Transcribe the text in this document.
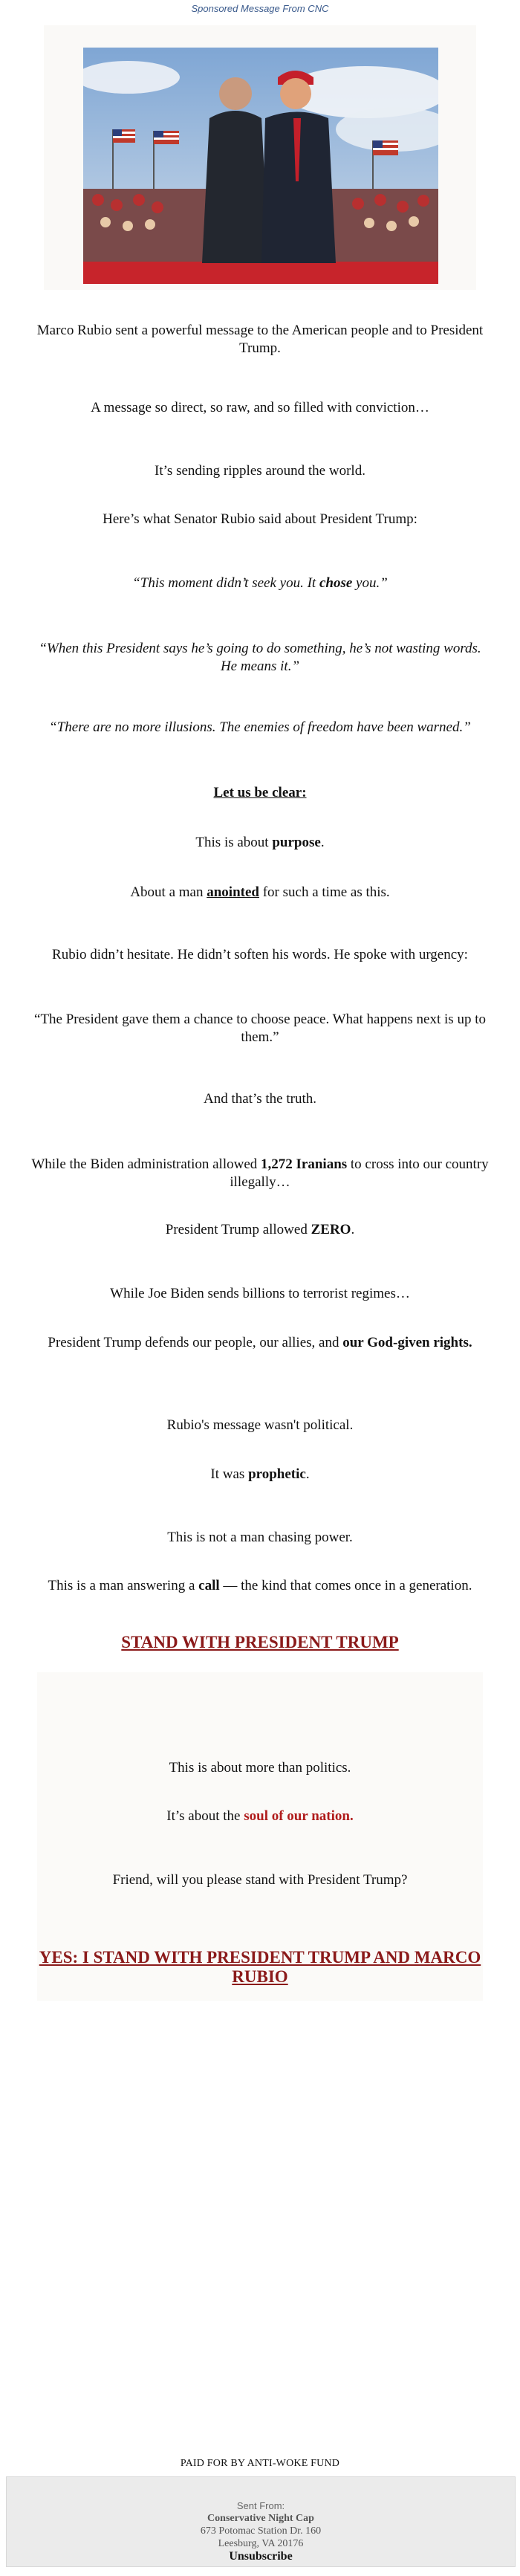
Sponsored Message From CNC

Marco Rubio sent a powerful message to the American people and to President Trump.

A message so direct, so raw, and so filled with conviction…

It’s sending ripples around the world.

Here’s what Senator Rubio said about President Trump:

“This moment didn’t seek you. It chose you.”

“When this President says he’s going to do something, he’s not wasting words. He means it.”

“There are no more illusions. The enemies of freedom have been warned.”

Let us be clear:

This is about purpose.

About a man anointed for such a time as this.

Rubio didn’t hesitate. He didn’t soften his words. He spoke with urgency:

“The President gave them a chance to choose peace. What happens next is up to them.”

And that’s the truth.

While the Biden administration allowed 1,272 Iranians to cross into our country illegally…

President Trump allowed ZERO.

While Joe Biden sends billions to terrorist regimes…

President Trump defends our people, our allies, and our God-given rights.

Rubio's message wasn't political.

It was prophetic.

This is not a man chasing power.

This is a man answering a call — the kind that comes once in a generation.

STAND WITH PRESIDENT TRUMP

This is about more than politics.

It’s about the soul of our nation.

Friend, will you please stand with President Trump?

YES: I STAND WITH PRESIDENT TRUMP AND MARCO RUBIO

PAID FOR BY ANTI-WOKE FUND
Sent From:
Conservative Night Cap
673 Potomac Station Dr. 160
Leesburg, VA 20176
Unsubscribe
